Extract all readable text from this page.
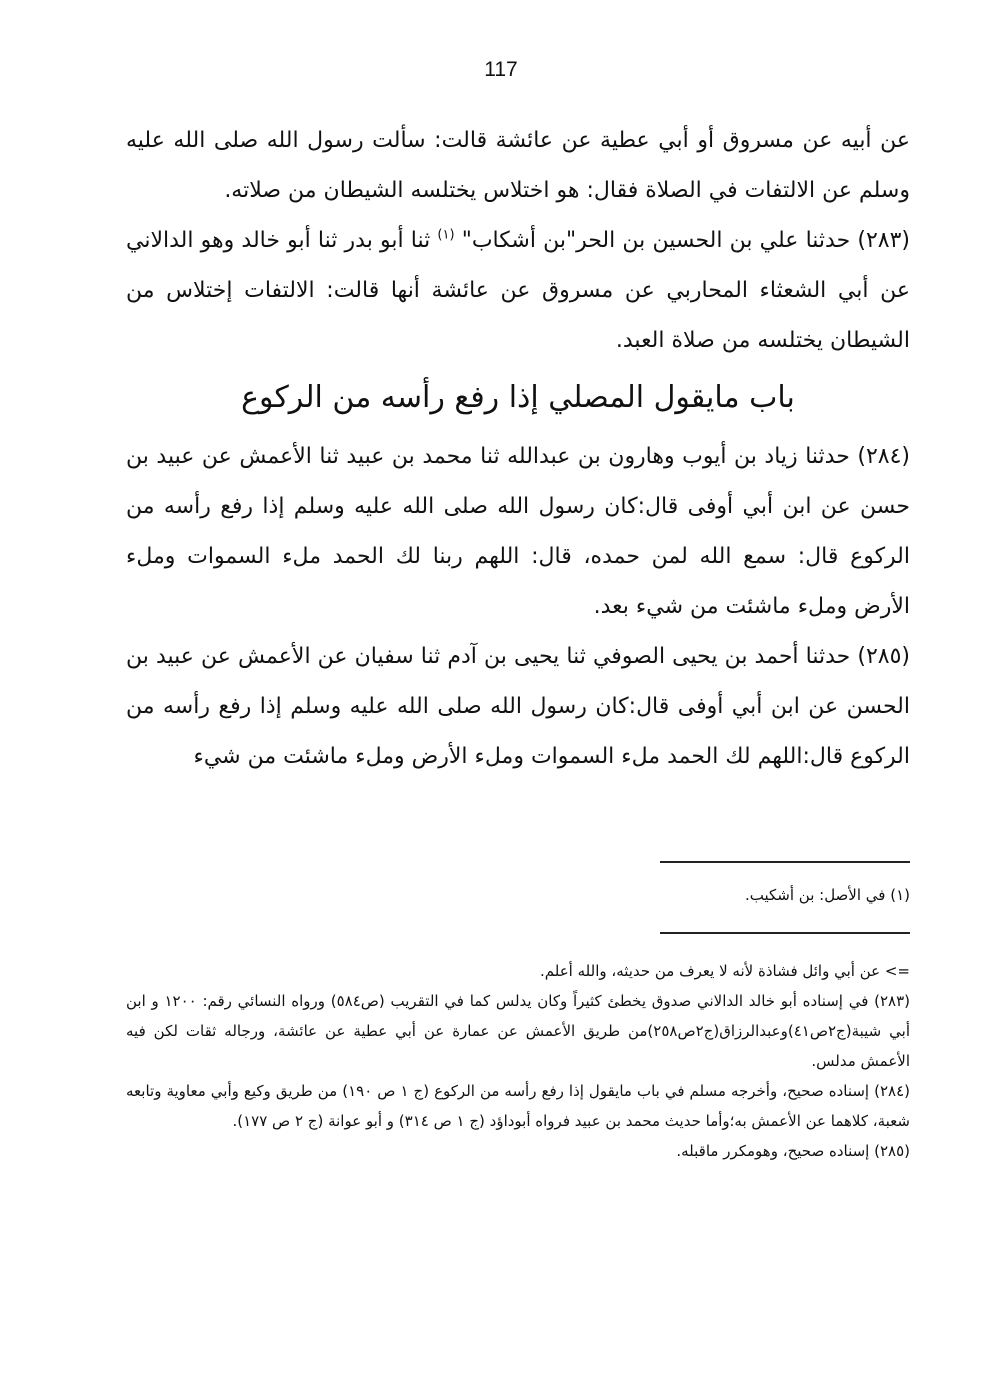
117

عن أبيه عن مسروق أو أبي عطية عن عائشة قالت: سألت رسول الله صلى الله عليه وسلم عن الالتفات في الصلاة فقال: هو اختلاس يختلسه الشيطان من صلاته.

(٢٨٣) حدثنا علي بن الحسين بن الحر"بن أشكاب" $^{(١)}$ ثنا أبو بدر ثنا أبو خالد وهو الدالاني عن أبي الشعثاء المحاربي عن مسروق عن عائشة أنها قالت: الالتفات إختلاس من الشيطان يختلسه من صلاة العبد.

باب مايقول المصلي إذا رفع رأسه من الركوع

(٢٨٤) حدثنا زياد بن أيوب وهارون بن عبدالله ثنا محمد بن عبيد ثنا الأعمش عن عبيد بن حسن عن ابن أبي أوفى قال:كان رسول الله صلى الله عليه وسلم إذا رفع رأسه من الركوع قال: سمع الله لمن حمده، قال: اللهم ربنا لك الحمد ملء السموات وملء الأرض وملء ماشئت من شيء بعد.

(٢٨٥) حدثنا أحمد بن يحيى الصوفي ثنا يحيى بن آدم ثنا سفيان عن الأعمش عن عبيد بن الحسن عن ابن أبي أوفى قال:كان رسول الله صلى الله عليه وسلم إذا رفع رأسه من الركوع قال:اللهم لك الحمد ملء السموات وملء الأرض وملء ماشئت من شيء

(١) في الأصل: بن أشكيب.

=> عن أبي وائل فشاذة لأنه لا يعرف من حديثه، والله أعلم.

(٢٨٣) في إسناده أبو خالد الدالاني صدوق يخطئ كثيراً وكان يدلس كما في التقريب (ص٥٨٤) ورواه النسائي رقم: ١٢٠٠ و ابن أبي شيبة(ج٢ص٤١)وعبدالرزاق(ج٢ص٢٥٨)من طريق الأعمش عن عمارة عن أبي عطية عن عائشة، ورجاله ثقات لكن فيه الأعمش مدلس.

(٢٨٤) إسناده صحيح، وأخرجه مسلم في باب مايقول إذا رفع رأسه من الركوع (ج ١ ص ١٩٠) من طريق وكيع وأبي معاوية وتابعه شعبة، كلاهما عن الأعمش به؛وأما حديث محمد بن عبيد فرواه أبوداؤد (ج ١ ص ٣١٤) و أبو عوانة (ج ٢ ص ١٧٧).

(٢٨٥) إسناده صحيح، وهومكرر ماقبله.
